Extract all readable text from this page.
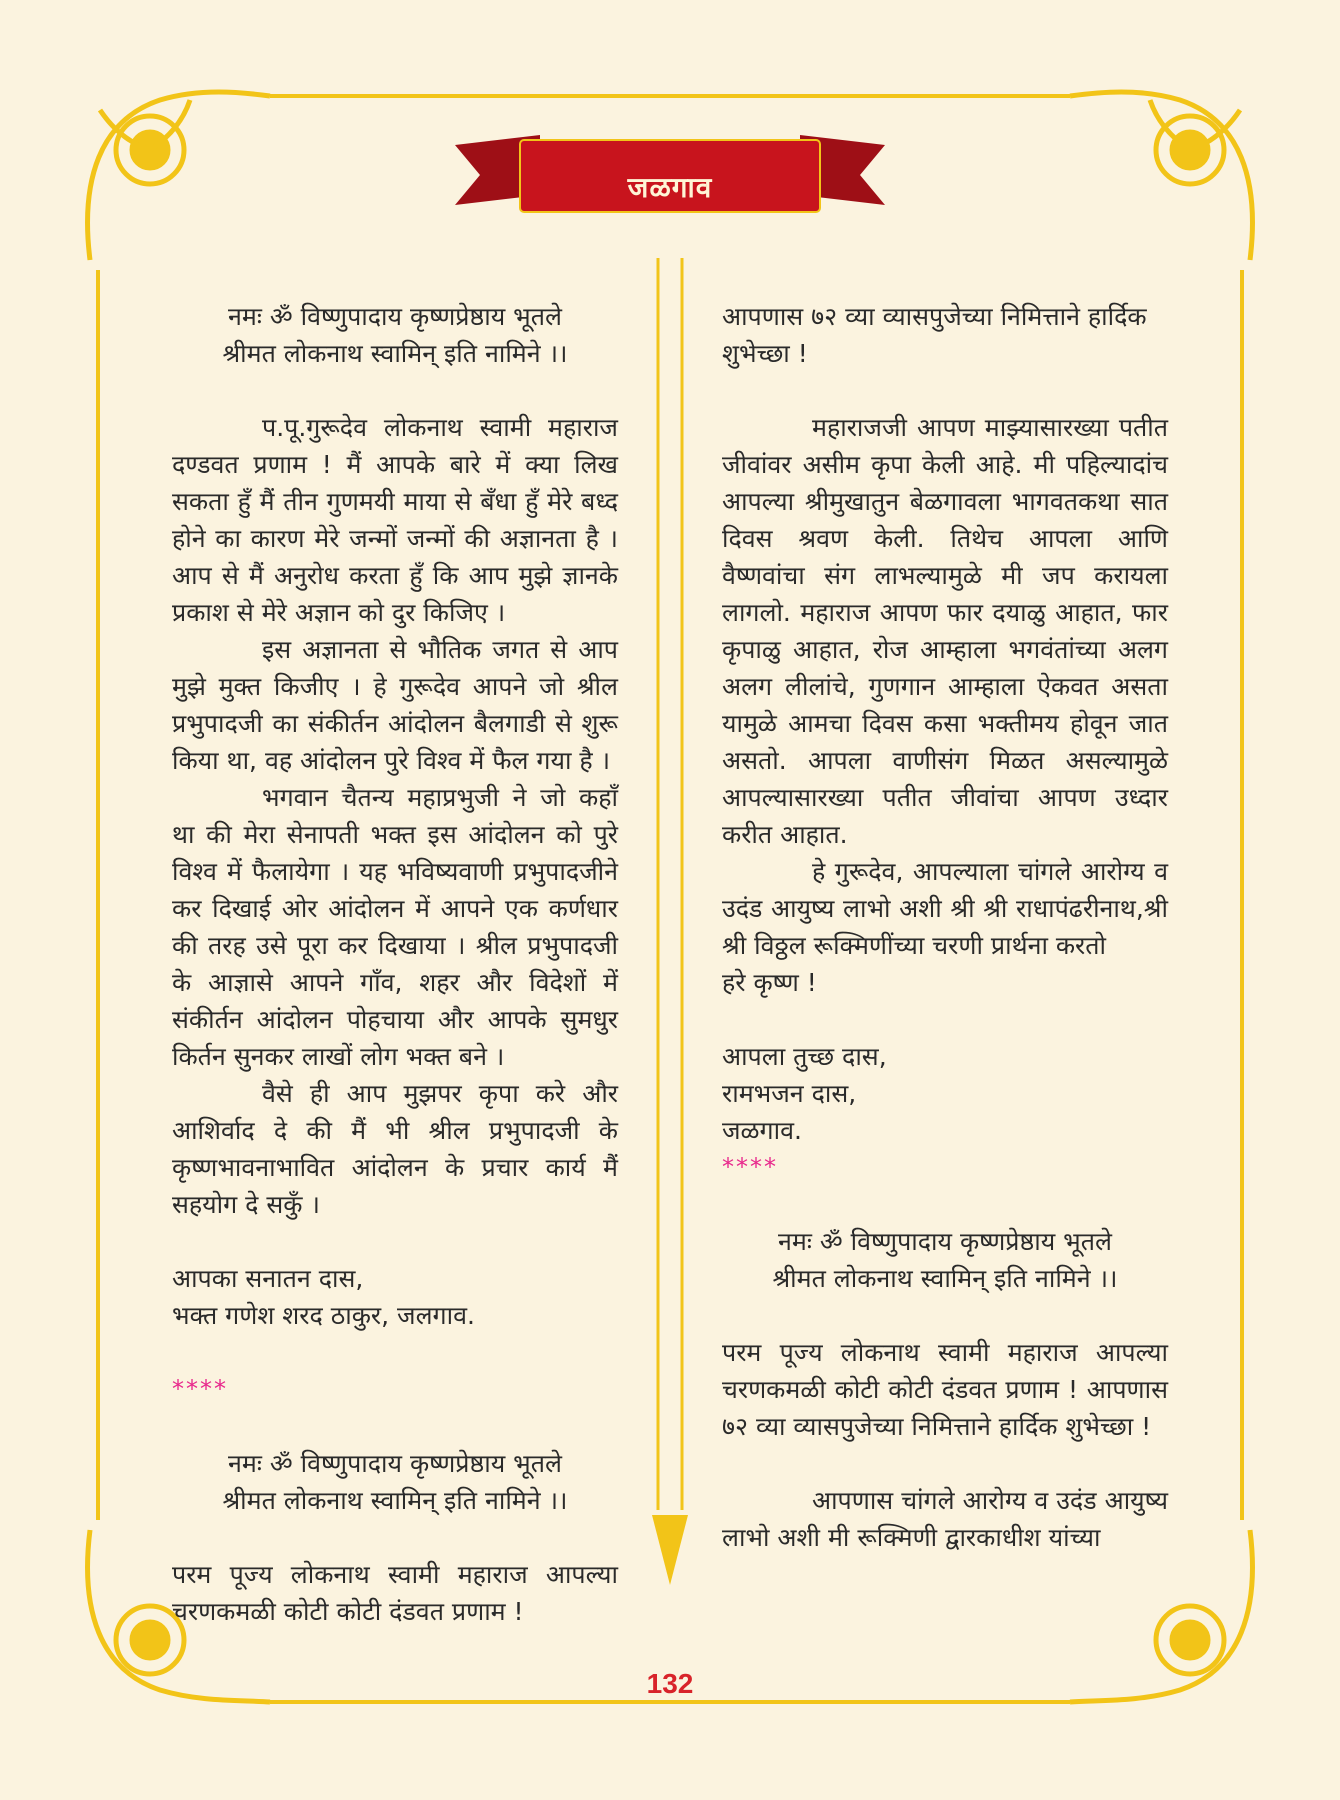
जळगाव

नमः ॐ विष्णुपादाय कृष्णप्रेष्ठाय भूतले

श्रीमत लोकनाथ स्वामिन् इति नामिने ।।

प.पू.गुरूदेव लोकनाथ स्वामी महाराज दण्डवत प्रणाम ! मैं आपके बारे में क्या लिख सकता हुँ मैं तीन गुणमयी माया से बँधा हुँ मेरे बध्द होने का कारण मेरे जन्मों जन्मों की अज्ञानता है । आप से मैं अनुरोध करता हुँ कि आप मुझे ज्ञानके प्रकाश से मेरे अज्ञान को दुर किजिए ।

इस अज्ञानता से भौतिक जगत से आप मुझे मुक्त किजीए । हे गुरूदेव आपने जो श्रील प्रभुपादजी का संकीर्तन आंदोलन बैलगाडी से शुरू किया था, वह आंदोलन पुरे विश्व में फैल गया है ।

भगवान चैतन्य महाप्रभुजी ने जो कहाँ था की मेरा सेनापती भक्त इस आंदोलन को पुरे विश्व में फैलायेगा । यह भविष्यवाणी प्रभुपादजीने कर दिखाई ओर आंदोलन में आपने एक कर्णधार की तरह उसे पूरा कर दिखाया । श्रील प्रभुपादजी के आज्ञासे आपने गाँव, शहर और विदेशों में संकीर्तन आंदोलन पोहचाया और आपके सुमधुर किर्तन सुनकर लाखों लोग भक्त बने ।

वैसे ही आप मुझपर कृपा करे और आशिर्वाद दे की मैं भी श्रील प्रभुपादजी के कृष्णभावनाभावित आंदोलन के प्रचार कार्य मैं सहयोग दे सकुँ ।

आपका सनातन दास,

भक्त गणेश शरद ठाकुर, जलगाव.

****

नमः ॐ विष्णुपादाय कृष्णप्रेष्ठाय भूतले

श्रीमत लोकनाथ स्वामिन् इति नामिने ।।

परम पूज्य लोकनाथ स्वामी महाराज आपल्या चरणकमळी कोटी कोटी दंडवत प्रणाम !

आपणास ७२ व्या व्यासपुजेच्या निमित्ताने हार्दिक शुभेच्छा !

महाराजजी आपण माझ्यासारख्या पतीत जीवांवर असीम कृपा केली आहे. मी पहिल्यादांच आपल्या श्रीमुखातुन बेळगावला भागवतकथा सात दिवस श्रवण केली. तिथेच आपला आणि वैष्णवांचा संग लाभल्यामुळे मी जप करायला लागलो. महाराज आपण फार दयाळु आहात, फार कृपाळु आहात, रोज आम्हाला भगवंतांच्या अलग अलग लीलांचे, गुणगान आम्हाला ऐकवत असता यामुळे आमचा दिवस कसा भक्तीमय होवून जात असतो. आपला वाणीसंग मिळत असल्यामुळे आपल्यासारख्या पतीत जीवांचा आपण उध्दार करीत आहात.

हे गुरूदेव, आपल्याला चांगले आरोग्य व उदंड आयुष्य लाभो अशी श्री श्री राधापंढरीनाथ,श्री श्री विठ्ठल रूक्मिणींच्या चरणी प्रार्थना करतो

हरे कृष्ण !

आपला तुच्छ दास,

रामभजन दास,

जळगाव.

****

नमः ॐ विष्णुपादाय कृष्णप्रेष्ठाय भूतले

श्रीमत लोकनाथ स्वामिन् इति नामिने ।।

परम पूज्य लोकनाथ स्वामी महाराज आपल्या चरणकमळी कोटी कोटी दंडवत प्रणाम ! आपणास ७२ व्या व्यासपुजेच्या निमित्ताने हार्दिक शुभेच्छा !

आपणास चांगले आरोग्य व उदंड आयुष्य लाभो अशी मी रूक्मिणी द्वारकाधीश यांच्या

132
